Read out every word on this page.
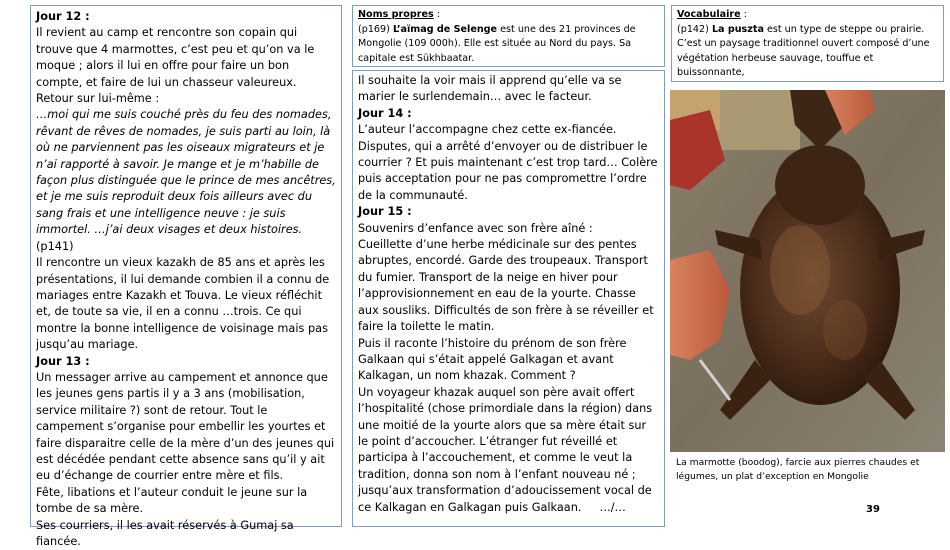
Jour 12 :

Il revient au camp et rencontre son copain qui trouve que 4 marmottes, c’est peu et qu’on va le moque ; alors il lui en offre pour faire un bon compte, et faire de lui un chasseur valeureux.

Retour sur lui-même :

…moi qui me suis couché près du feu des nomades, rêvant de rêves de nomades, je suis parti au loin, là où ne parviennent pas les oiseaux migrateurs et je n’ai rapporté à savoir. Je mange et je m’habille de façon plus distinguée que le prince de mes ancêtres, et je me suis reproduit deux fois ailleurs avec du sang frais et une intelligence neuve : je suis immortel. …j’ai deux visages et deux histoires. (p141)

Il rencontre un vieux kazakh de 85 ans et après les présentations, il lui demande combien il a connu de mariages entre Kazakh et Touva. Le vieux réfléchit et, de toute sa vie, il en a connu …trois. Ce qui montre la bonne intelligence de voisinage mais pas jusqu’au mariage.

Jour 13 :

Un messager arrive au campement et annonce que les jeunes gens partis il y a 3 ans (mobilisation, service militaire ?) sont de retour. Tout le campement s’organise pour embellir les yourtes et faire disparaitre celle de la mère d’un des jeunes qui est décédée pendant cette absence sans qu’il y ait eu d’échange de courrier entre mère et fils.

Fête, libations et l’auteur conduit le jeune sur la tombe de sa mère.

Ses courriers, il les avait réservés à Gumaj sa fiancée.

Noms propres :

(p169) L’aïmag de Selenge est une des 21 provinces de Mongolie (109 000h). Elle est située au Nord du pays. Sa capitale est Sükhbaatar.

Il souhaite la voir mais il apprend qu’elle va se marier le surlendemain… avec le facteur.

Jour 14 :

L’auteur l’accompagne chez cette ex-fiancée. Disputes, qui a arrêté d’envoyer ou de distribuer le courrier ? Et puis maintenant c’est trop tard… Colère puis acceptation pour ne pas compromettre l’ordre de la communauté.

Jour 15 :

Souvenirs d’enfance avec son frère aîné :

Cueillette d’une herbe médicinale sur des pentes abruptes, encordé. Garde des troupeaux. Transport du fumier. Transport de la neige en hiver pour l’approvisionnement en eau de la yourte. Chasse aux sousliks. Difficultés de son frère à se réveiller et faire la toilette le matin.

Puis il raconte l’histoire du prénom de son frère Galkaan qui s’était appelé Galkagan et avant Kalkagan, un nom khazak. Comment ?

Un voyageur khazak auquel son père avait offert l’hospitalité (chose primordiale dans la région) dans une moitié de la yourte alors que sa mère était sur le point d’accoucher. L’étranger fut réveillé et participa à l’accouchement, et comme le veut la tradition, donna son nom à l’enfant nouveau né ; jusqu’aux transformation d’adoucissement vocal de ce Kalkagan en Galkagan puis Galkaan. …/…

Vocabulaire :

(p142) La puszta est un type de steppe ou prairie. C’est un paysage traditionnel ouvert composé d’une végétation herbeuse sauvage, touffue et buissonnante,

La marmotte (boodog), farcie aux pierres chaudes et légumes, un plat d’exception en Mongolie
39
